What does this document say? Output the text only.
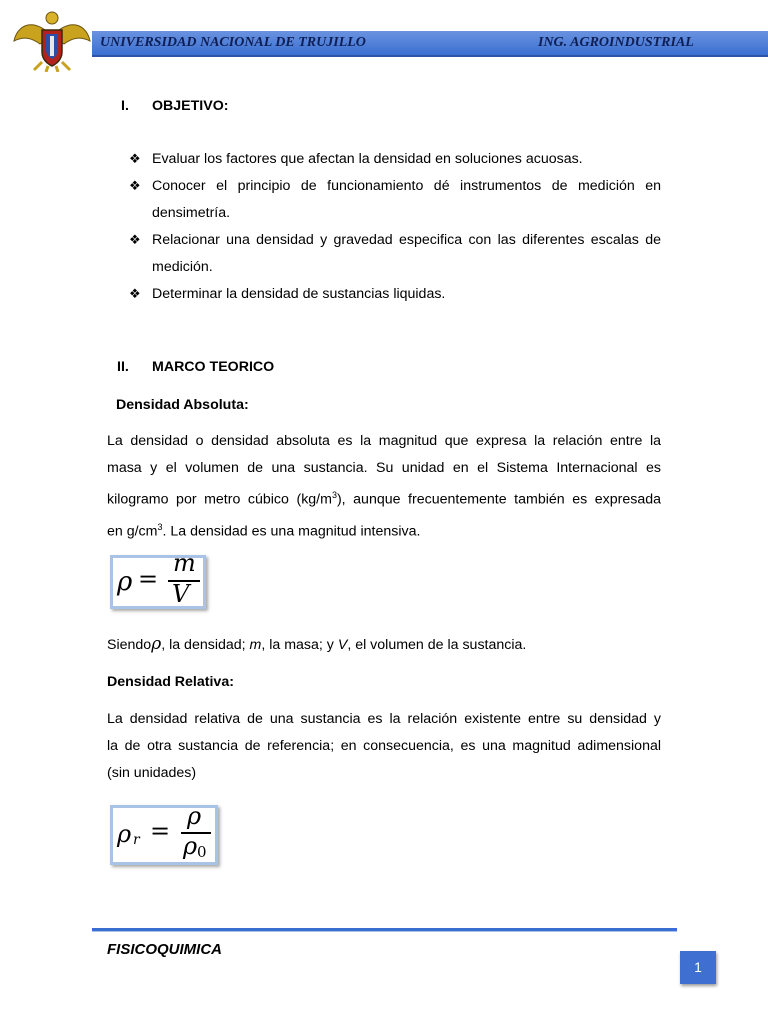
UNIVERSIDAD NACIONAL DE TRUJILLO	ING. AGROINDUSTRIAL
I. OBJETIVO:
❖ Evaluar los factores que afectan la densidad en soluciones acuosas.
❖ Conocer el principio de funcionamiento dé instrumentos de medición en
densimetría.
❖ Relacionar una densidad y gravedad especifica con las diferentes escalas de
medición.
❖ Determinar la densidad de sustancias liquidas.
II. MARCO TEORICO
Densidad Absoluta:
La densidad o densidad absoluta es la magnitud que expresa la relación entre la
masa y el volumen de una sustancia. Su unidad en el Sistema Internacional es
kilogramo por metro cúbico $(kg/m^3)$, aunque frecuentemente también es expresada
en $g/cm^3$. La densidad es una magnitud intensiva.
ρ =
m
V
Siendoρ, la densidad; m, la masa; y V, el volumen de la sustancia.
Densidad Relativa:
La densidad relativa de una sustancia es la relación existente entre su densidad y
la de otra sustancia de referencia; en consecuencia, es una magnitud adimensional
(sin unidades)
ρ r =
ρ
ρ 0
FISICOQUIMICA
1
